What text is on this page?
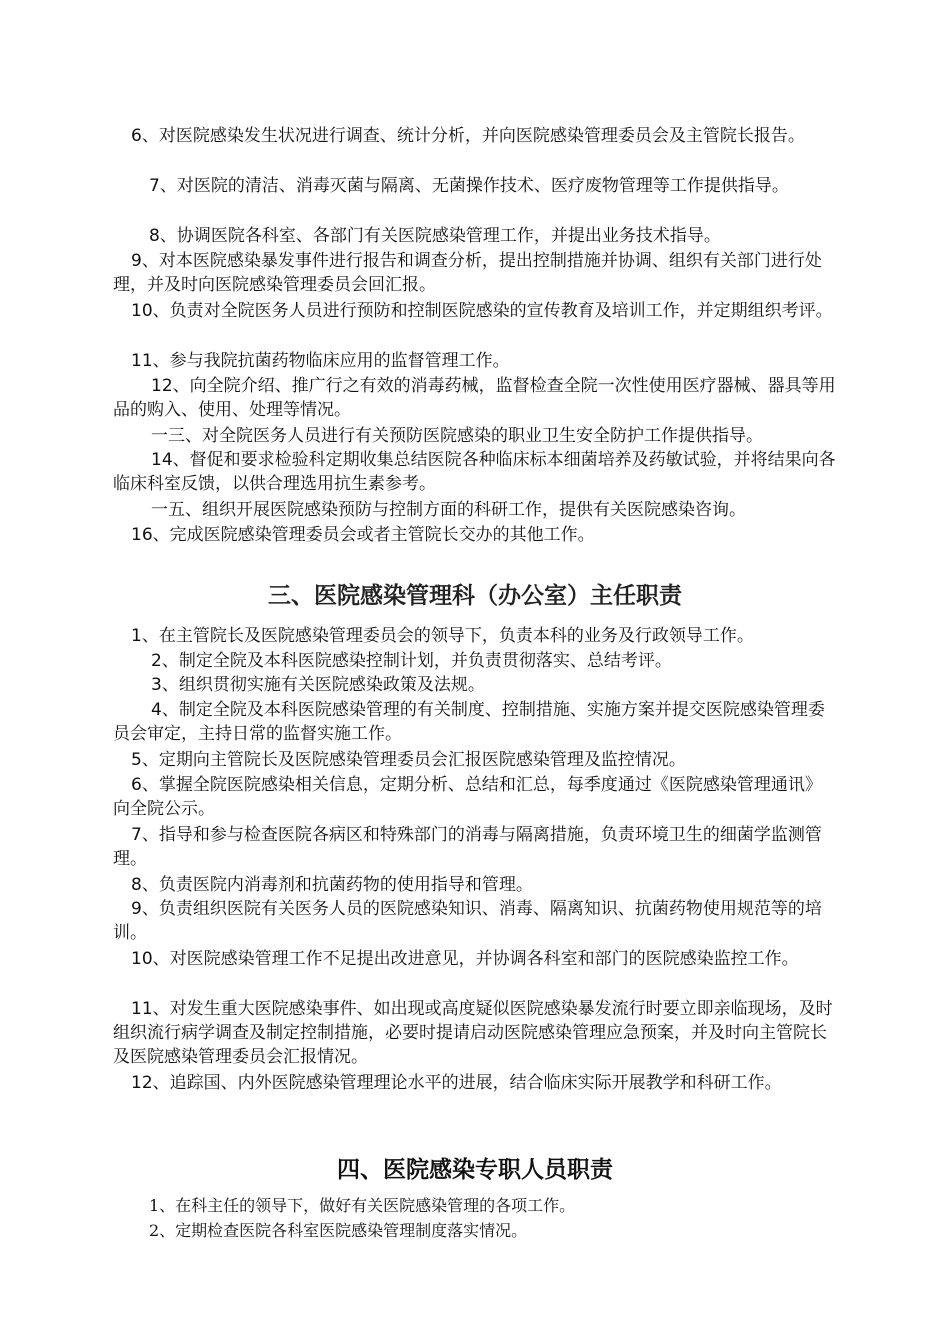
6、对医院感染发生状况进行调查、统计分析，并向医院感染管理委员会及主管院长报告。

7、对医院的清洁、消毒灭菌与隔离、无菌操作技术、医疗废物管理等工作提供指导。

8、协调医院各科室、各部门有关医院感染管理工作，并提出业务技术指导。

9、对本医院感染暴发事件进行报告和调查分析，提出控制措施并协调、组织有关部门进行处理，并及时向医院感染管理委员会回汇报。

10、负责对全院医务人员进行预防和控制医院感染的宣传教育及培训工作，并定期组织考评。

11、参与我院抗菌药物临床应用的监督管理工作。

12、向全院介绍、推广行之有效的消毒药械，监督检查全院一次性使用医疗器械、器具等用品的购入、使用、处理等情况。

一三、对全院医务人员进行有关预防医院感染的职业卫生安全防护工作提供指导。

14、督促和要求检验科定期收集总结医院各种临床标本细菌培养及药敏试验，并将结果向各临床科室反馈，以供合理选用抗生素参考。

一五、组织开展医院感染预防与控制方面的科研工作，提供有关医院感染咨询。

16、完成医院感染管理委员会或者主管院长交办的其他工作。

三、医院感染管理科（办公室）主任职责

1、在主管院长及医院感染管理委员会的领导下，负责本科的业务及行政领导工作。

2、制定全院及本科医院感染控制计划，并负责贯彻落实、总结考评。

3、组织贯彻实施有关医院感染政策及法规。

4、制定全院及本科医院感染管理的有关制度、控制措施、实施方案并提交医院感染管理委员会审定，主持日常的监督实施工作。

5、定期向主管院长及医院感染管理委员会汇报医院感染管理及监控情况。

6、掌握全院医院感染相关信息，定期分析、总结和汇总，每季度通过《医院感染管理通讯》向全院公示。

7、指导和参与检查医院各病区和特殊部门的消毒与隔离措施，负责环境卫生的细菌学监测管理。

8、负责医院内消毒剂和抗菌药物的使用指导和管理。

9、负责组织医院有关医务人员的医院感染知识、消毒、隔离知识、抗菌药物使用规范等的培训。

10、对医院感染管理工作不足提出改进意见，并协调各科室和部门的医院感染监控工作。

11、对发生重大医院感染事件、如出现或高度疑似医院感染暴发流行时要立即亲临现场，及时组织流行病学调查及制定控制措施，必要时提请启动医院感染管理应急预案，并及时向主管院长及医院感染管理委员会汇报情况。

12、追踪国、内外医院感染管理理论水平的进展，结合临床实际开展教学和科研工作。

四、医院感染专职人员职责

1、在科主任的领导下，做好有关医院感染管理的各项工作。

2、定期检查医院各科室医院感染管理制度落实情况。
